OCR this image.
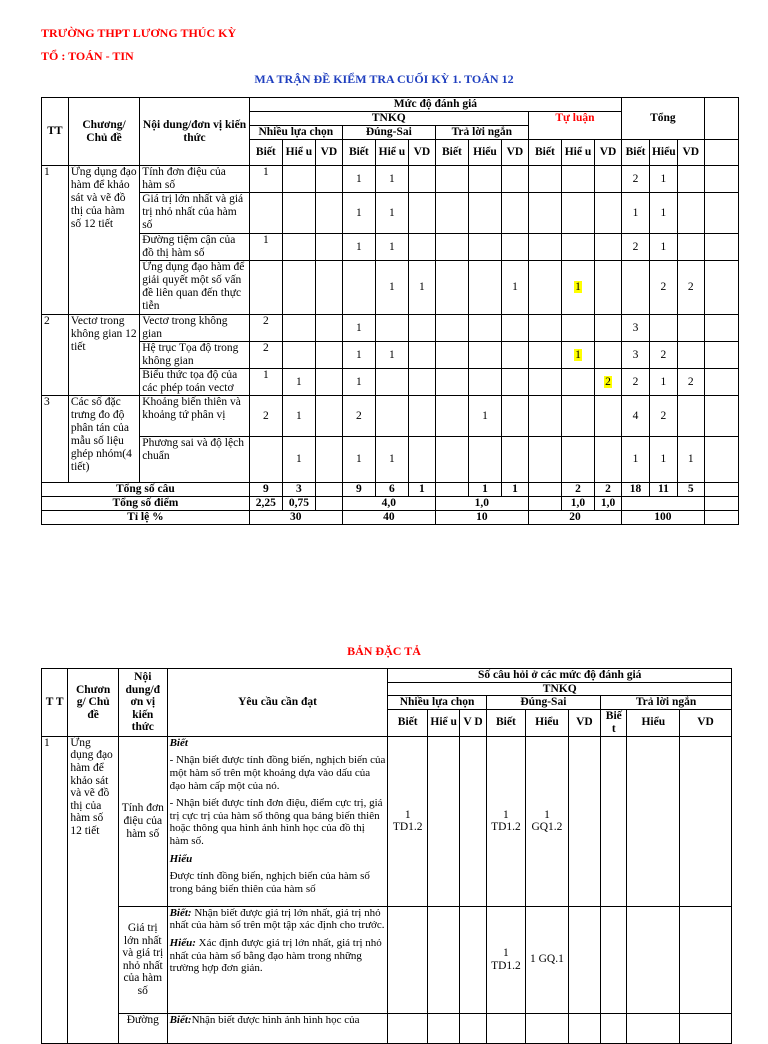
TRƯỜNG THPT LƯƠNG THÚC KỲ
TỔ : TOÁN - TIN
MA TRẬN ĐỀ KIỂM TRA CUỐI KỲ 1. TOÁN 12
TT	Chương/ Chủ đề	Nội dung/đơn vị kiến thức	Mức độ đánh giá												Tổng			
			TNKQ									Tự luận						
			Nhiều lựa chọn			Đúng-Sai			Trả lời ngắn									
			Biết	Hiể u	VD	Biết	Hiể u	VD	Biết	Hiểu	VD	Biết	Hiể u	VD	Biết	Hiểu	VD	
1	Ứng dụng đạo hàm để khảo sát và vẽ đồ thị của hàm số 12 tiết	Tính đơn điệu của hàm số	1			1	1								2	1		
		Giá trị lớn nhất và giá trị nhỏ nhất của hàm số				1	1								1	1		
		Đường tiệm cận của đồ thị hàm số	1			1	1								2	1		
		Ứng dụng đạo hàm để giải quyết một số vấn đề liên quan đến thực tiễn					1	1			1		1			2	2	
2	Vectơ trong không gian 12 tiết	Vectơ trong không gian	2			1									3			
		Hệ trục Tọa độ trong không gian	2			1	1						1		3	2		
		Biểu thức tọa độ của các phép toán vectơ	1	1		1								2	2	1	2	
3	Các số đặc trưng đo độ phân tán của mẫu số liệu ghép nhóm(4 tiết)	Khoảng biến thiên và khoảng tứ phân vị	2	1		2				1					4	2		
		Phương sai và độ lệch chuẩn		1		1	1								1	1	1	
Tổng số câu			9	3		9	6	1		1	1		2	2	18	11	5	
Tổng số điểm			2,25	0,75		4,0			1,0				1,0	1,0				
Tỉ lệ %			30			40			10			20			100			
BẢN ĐẶC TẢ
T T	Chươn g/ Chủ đề	Nội dung/đ ơn vị kiến thức	Yêu cầu cần đạt	Số câu hỏi ở các mức độ đánh giá								
				TNKQ								
				Nhiều lựa chọn			Đúng-Sai			Trả lời ngắn		
				Biết	Hiể u	V D	Biết	Hiểu	VD	Biế t	Hiểu	VD
1	Ứng dụng đạo hàm để khảo sát và vẽ đồ thị của hàm số 12 tiết	Tính đơn điệu của hàm số	Biết

- Nhận biết được tính đồng biến, nghịch biến của một hàm số trên một khoảng dựa vào dấu của đạo hàm cấp một của nó.

- Nhận biết được tính đơn điệu, điểm cực trị, giá trị cực trị của hàm số thông qua bảng biến thiên hoặc thông qua hình ảnh hình học của đồ thị hàm số.

Hiểu

Được tính đồng biến, nghịch biến của hàm số trong bảng biến thiên của hàm số	1 TD1.2			1 TD1.2	1 GQ1.2				
		Giá trị lớn nhất và giá trị nhỏ nhất của hàm số	Biết: Nhận biết được giá trị lớn nhất, giá trị nhỏ nhất của hàm số trên một tập xác định cho trước.

Hiểu: Xác định được giá trị lớn nhất, giá trị nhỏ nhất của hàm số bằng đạo hàm trong những trường hợp đơn giản.				1 TD1.2	1 GQ.1				
		Đường	Biết:Nhận biết được hình ảnh hình học của									
